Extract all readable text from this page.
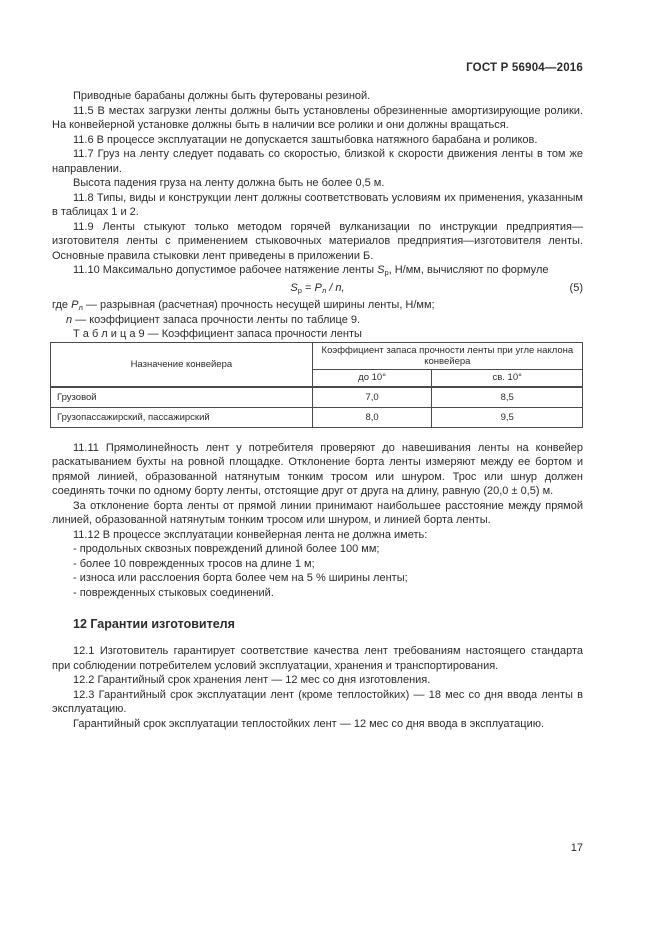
ГОСТ Р 56904—2016

Приводные барабаны должны быть футерованы резиной.

11.5 В местах загрузки ленты должны быть установлены обрезиненные амортизирующие ролики. На конвейерной установке должны быть в наличии все ролики и они должны вращаться.

11.6 В процессе эксплуатации не допускается заштыбовка натяжного барабана и роликов.

11.7 Груз на ленту следует подавать со скоростью, близкой к скорости движения ленты в том же направлении.

Высота падения груза на ленту должна быть не более 0,5 м.

11.8 Типы, виды и конструкции лент должны соответствовать условиям их применения, указанным в таблицах 1 и 2.

11.9 Ленты стыкуют только методом горячей вулканизации по инструкции предприятия—изготовителя ленты с применением стыковочных материалов предприятия—изготовителя ленты. Основные правила стыковки лент приведены в приложении Б.

11.10 Максимально допустимое рабочее натяжение ленты $S_р$, Н/мм, вычисляют по формуле

$S_р = P_л / n$,	(5)

где $P_л$ — разрывная (расчетная) прочность несущей ширины ленты, Н/мм;

n — коэффициент запаса прочности ленты по таблице 9.

Т а б л и ц а 9 — Коэффициент запаса прочности ленты

Назначение конвейера	Коэффициент запаса прочности ленты при угле наклона конвейера	
	до 10°	св. 10°
Грузовой	7,0	8,5
Грузопассажирский, пассажирский	8,0	9,5

11.11 Прямолинейность лент у потребителя проверяют до навешивания ленты на конвейер раскатыванием бухты на ровной площадке. Отклонение борта ленты измеряют между ее бортом и прямой линией, образованной натянутым тонким тросом или шнуром. Трос или шнур должен соединять точки по одному борту ленты, отстоящие друг от друга на длину, равную (20,0 ± 0,5) м.

За отклонение борта ленты от прямой линии принимают наибольшее расстояние между прямой линией, образованной натянутым тонким тросом или шнуром, и линией борта ленты.

11.12 В процессе эксплуатации конвейерная лента не должна иметь:

- продольных сквозных повреждений длиной более 100 мм;

- более 10 поврежденных тросов на длине 1 м;

- износа или расслоения борта более чем на 5 % ширины ленты;

- поврежденных стыковых соединений.

12 Гарантии изготовителя

12.1 Изготовитель гарантирует соответствие качества лент требованиям настоящего стандарта при соблюдении потребителем условий эксплуатации, хранения и транспортирования.

12.2 Гарантийный срок хранения лент — 12 мес со дня изготовления.

12.3 Гарантийный срок эксплуатации лент (кроме теплостойких) — 18 мес со дня ввода ленты в эксплуатацию.

Гарантийный срок эксплуатации теплостойких лент — 12 мес со дня ввода в эксплуатацию.

17
